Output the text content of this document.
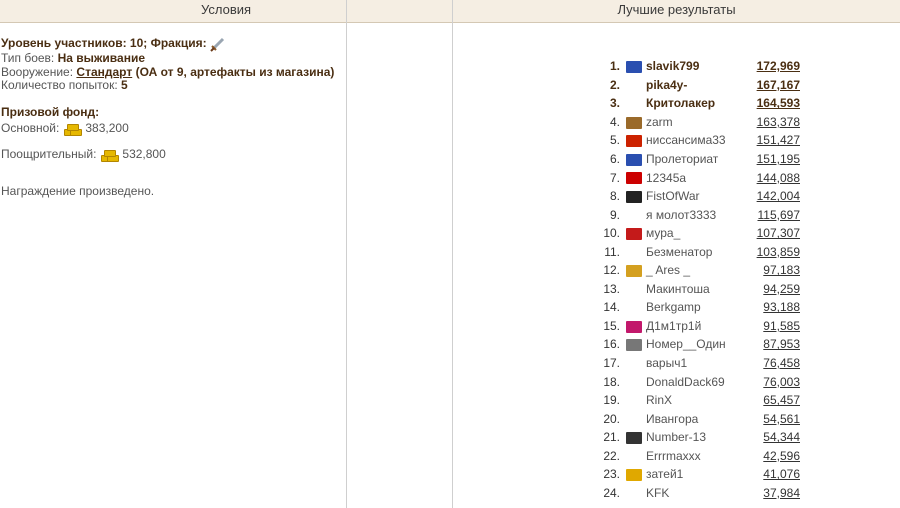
Условия	Лучшие результаты
Уровень участников: 10; Фракция:
Тип боев: На выживание
Вооружение: Стандарт (ОА от 9, артефакты из магазина)
Количество попыток: 5
Призовой фонд:
Основной: 383,200
Поощрительный: 532,800
Награждение произведено.
1.		slavik799	172,969
2.		pika4y-	167,167
3.		Критолакер	164,593
4.		zarm	163,378
5.		ниссансима33	151,427
6.		Пролеториат	151,195
7.		12345a	144,088
8.		FistOfWar	142,004
9.		я молот3333	115,697
10.		мура_	107,307
11.		Безменатор	103,859
12.		_ Ares _	97,183
13.		Макинтоша	94,259
14.		Berkgamp	93,188
15.		Д1м1тр1й	91,585
16.		Номер__Один	87,953
17.		варыч1	76,458
18.		DonaldDack69	76,003
19.		RinX	65,457
20.		Ивангора	54,561
21.		Number-13	54,344
22.		Errrmaxxx	42,596
23.		затей1	41,076
24.		KFK	37,984
